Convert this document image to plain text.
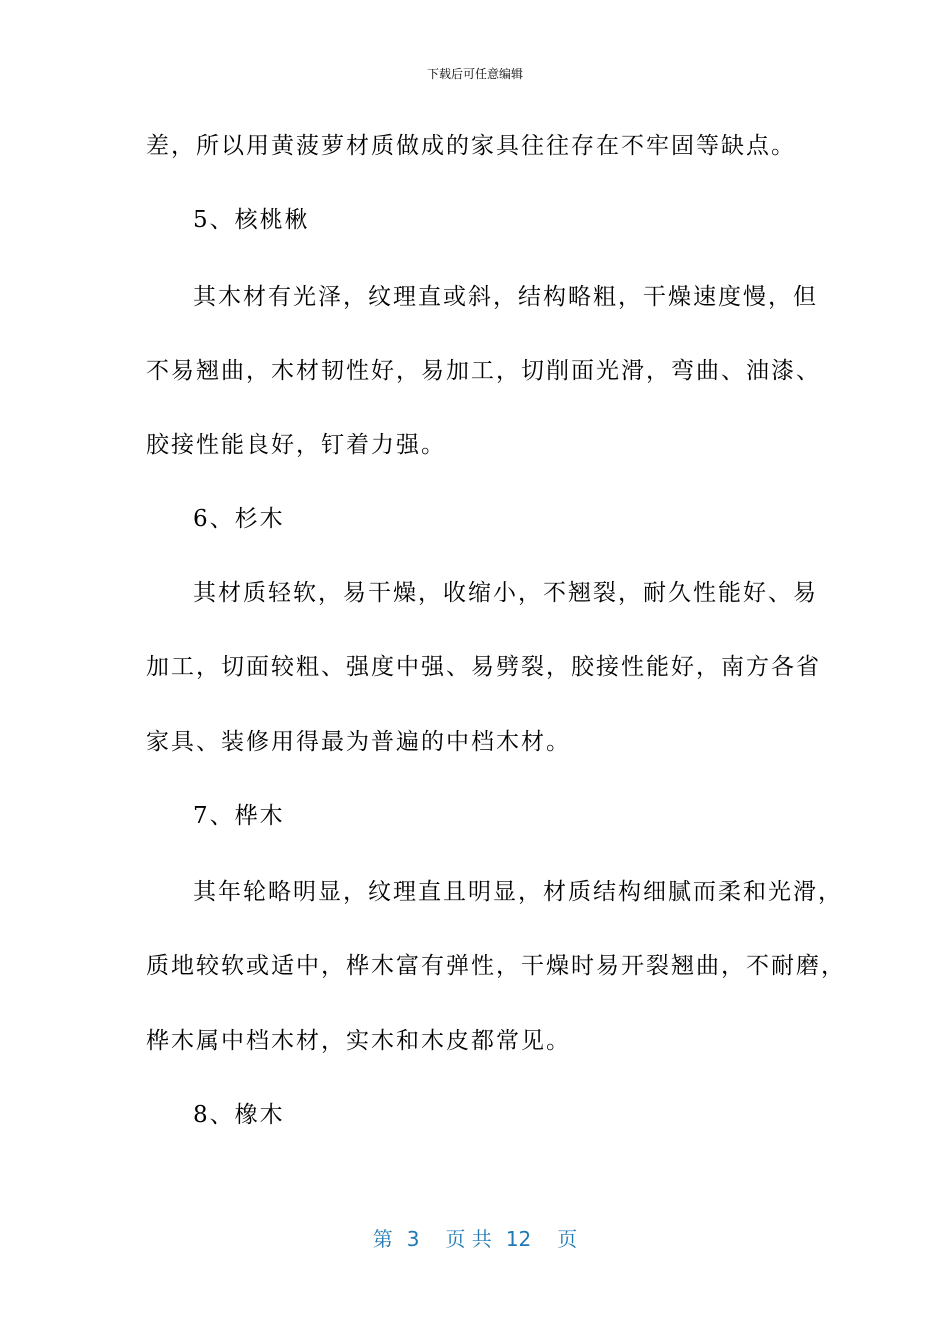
下载后可任意编辑
差，所以用黄菠萝材质做成的家具往往存在不牢固等缺点。
5、核桃楸
其木材有光泽，纹理直或斜，结构略粗，干燥速度慢，但
不易翘曲，木材韧性好，易加工，切削面光滑，弯曲、油漆、
胶接性能良好，钉着力强。
6、杉木
其材质轻软，易干燥，收缩小，不翘裂，耐久性能好、易
加工，切面较粗、强度中强、易劈裂，胶接性能好，南方各省
家具、装修用得最为普遍的中档木材。
7、桦木
其年轮略明显，纹理直且明显，材质结构细腻而柔和光滑，
质地较软或适中，桦木富有弹性，干燥时易开裂翘曲，不耐磨，
桦木属中档木材，实木和木皮都常见。
8、橡木
第 3 页 共 12 页
